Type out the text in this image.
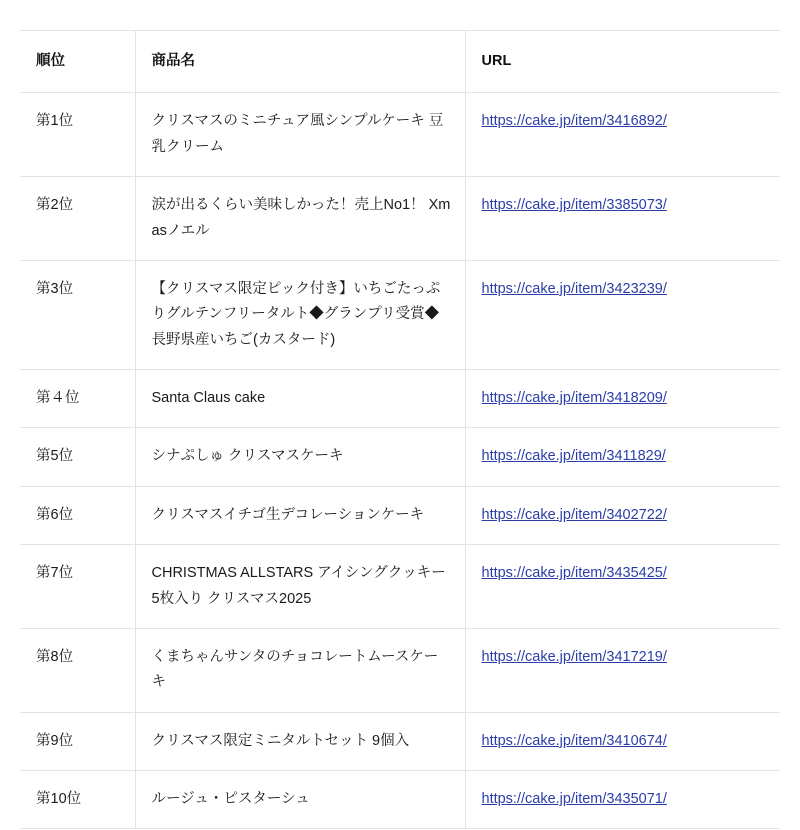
順位	商品名	URL
第1位	クリスマスのミニチュア風シンプルケーキ 豆乳クリーム	https://cake.jp/item/3416892/
第2位	涙が出るくらい美味しかった！売上No1！ Xmasノエル	https://cake.jp/item/3385073/
第3位	【クリスマス限定ピック付き】いちごたっぷりグルテンフリータルト◆グランプリ受賞◆長野県産いちご(カスタード)	https://cake.jp/item/3423239/
第４位	Santa Claus cake	https://cake.jp/item/3418209/
第5位	シナぷしゅ クリスマスケーキ	https://cake.jp/item/3411829/
第6位	クリスマスイチゴ生デコレーションケーキ	https://cake.jp/item/3402722/
第7位	CHRISTMAS ALLSTARS アイシングクッキー 5枚入り クリスマス2025	https://cake.jp/item/3435425/
第8位	くまちゃんサンタのチョコレートムースケーキ	https://cake.jp/item/3417219/
第9位	クリスマス限定ミニタルトセット 9個入	https://cake.jp/item/3410674/
第10位	ルージュ・ピスターシュ	https://cake.jp/item/3435071/
